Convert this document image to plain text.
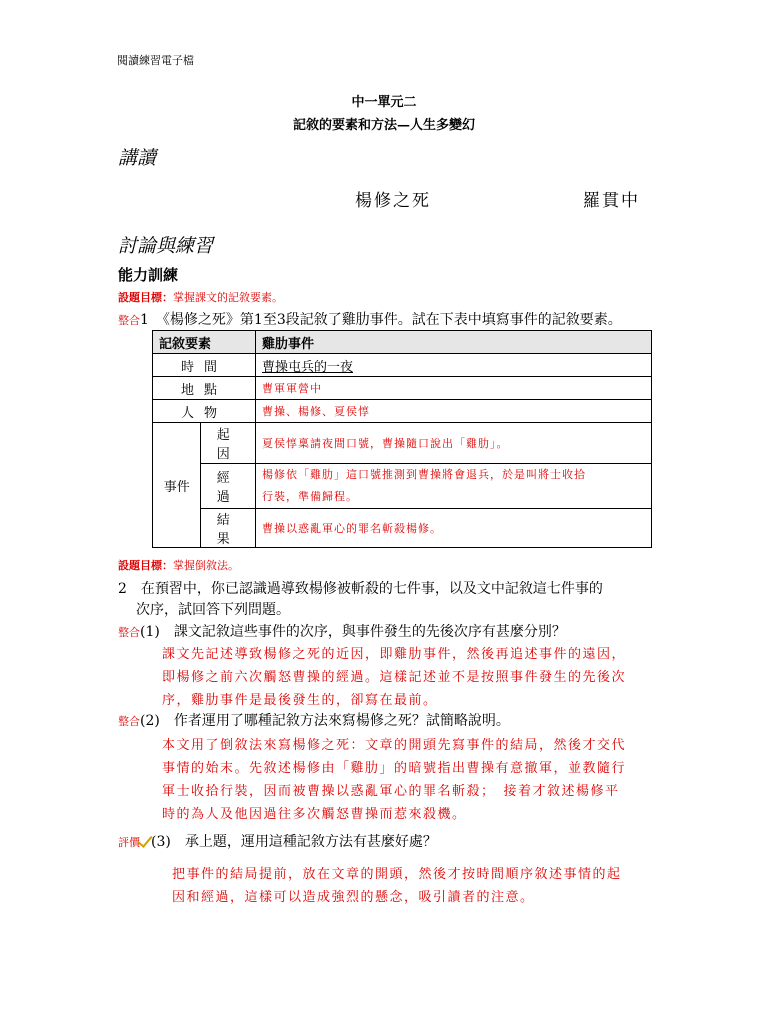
閱讀練習電子檔
中一單元二
記敘的要素和方法—人生多變幻
講讀
楊修之死	羅貫中
討論與練習
能力訓練
設題目標：掌握課文的記敘要素。
整合1　《楊修之死》第1至3段記敘了雞肋事件。試在下表中填寫事件的記敘要素。
記敘要素		雞肋事件
時間		曹操屯兵的一夜
地點		曹軍軍營中
人物		曹操、楊修、夏侯惇
事件	起因	夏侯惇稟請夜間口號，曹操隨口說出「雞肋」。
	經過	楊修依「雞肋」這口號推測到曹操將會退兵，於是叫將士收拾
行裝，準備歸程。

	結果	曹操以惑亂軍心的罪名斬殺楊修。
設題目標：掌握倒敘法。
2　在預習中，你已認識過導致楊修被斬殺的七件事，以及文中記敘這七件事的
次序，試回答下列問題。
整合(1)　課文記敘這些事件的次序，與事件發生的先後次序有甚麼分別？
課文先記述導致楊修之死的近因，即雞肋事件，然後再追述事件的遠因，
即楊修之前六次觸怒曹操的經過。這樣記述並不是按照事件發生的先後次
序，雞肋事件是最後發生的，卻寫在最前。
整合(2)　作者運用了哪種記敘方法來寫楊修之死？試簡略說明。
本文用了倒敘法來寫楊修之死：文章的開頭先寫事件的結局，然後才交代
事情的始末。先敘述楊修由「雞肋」的暗號指出曹操有意撤軍，並教隨行
軍士收拾行裝，因而被曹操以惑亂軍心的罪名斬殺；　接着才敘述楊修平
時的為人及他因過往多次觸怒曹操而惹來殺機。
評價 (3)　承上題，運用這種記敘方法有甚麼好處？
把事件的結局提前，放在文章的開頭，然後才按時間順序敘述事情的起
因和經過，這樣可以造成強烈的懸念，吸引讀者的注意。
